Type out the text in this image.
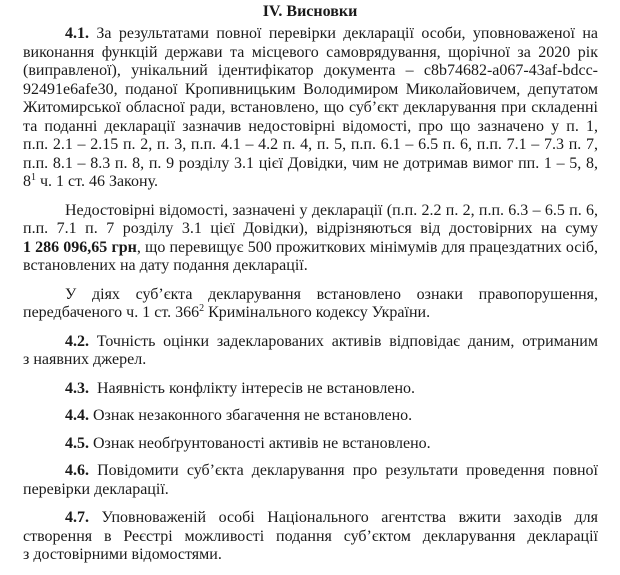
IV. Висновки
4.1. За результатами повної перевірки декларації особи, уповноваженої на
виконання функцій держави та місцевого самоврядування, щорічної за 2020 рік
(виправленої), унікальний ідентифікатор документа – c8b74682-a067-43af-bdcc-
92491e6afe30, поданої Кропивницьким Володимиром Миколайовичем, депутатом
Житомирської обласної ради, встановлено, що суб’єкт декларування при складенні
та поданні декларації зазначив недостовірні відомості, про що зазначено у п. 1,
п.п. 2.1 – 2.15 п. 2, п. 3, п.п. 4.1 – 4.2 п. 4, п. 5, п.п. 6.1 – 6.5 п. 6, п.п. 7.1 – 7.3 п. 7,
п.п. 8.1 – 8.3 п. 8, п. 9 розділу 3.1 цієї Довідки, чим не дотримав вимог пп. 1 – 5, 8,
$8^1$ ч. 1 ст. 46 Закону.
Недостовірні відомості, зазначені у декларації (п.п. 2.2 п. 2, п.п. 6.3 – 6.5 п. 6,
п.п. 7.1 п. 7 розділу 3.1 цієї Довідки), відрізняються від достовірних на суму
1 286 096,65 грн, що перевищує 500 прожиткових мінімумів для працездатних осіб,
встановлених на дату подання декларації.
У діях суб’єкта декларування встановлено ознаки правопорушення,
передбаченого ч. 1 ст. $366^2$ Кримінального кодексу України.
4.2. Точність оцінки задекларованих активів відповідає даним, отриманим
з наявних джерел.
4.3.  Наявність конфлікту інтересів не встановлено.
4.4. Ознак незаконного збагачення не встановлено.
4.5. Ознак необґрунтованості активів не встановлено.
4.6. Повідомити суб’єкта декларування про результати проведення повної
перевірки декларації.
4.7. Уповноваженій особі Національного агентства вжити заходів для
створення в Реєстрі можливості подання суб’єктом декларування декларації
з достовірними відомостями.
